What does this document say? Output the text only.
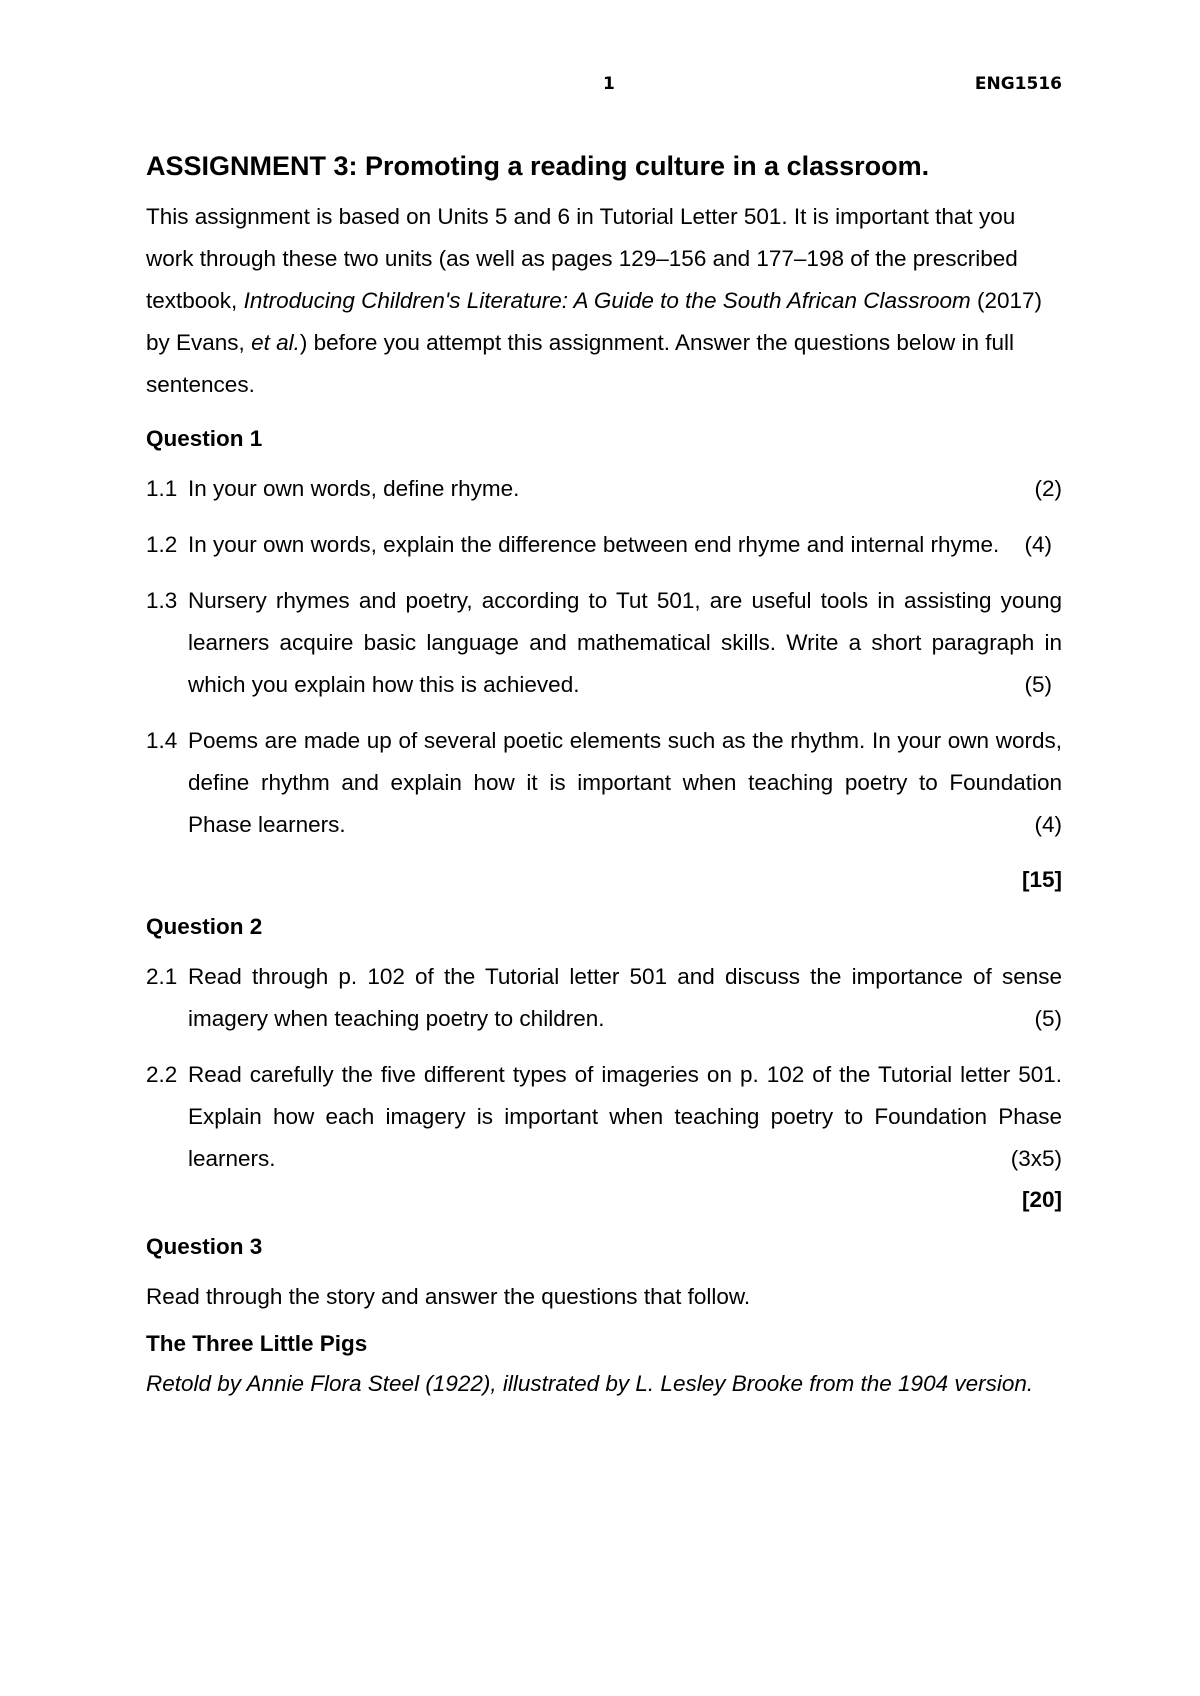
1	ENG1516
ASSIGNMENT 3: Promoting a reading culture in a classroom.

This assignment is based on Units 5 and 6 in Tutorial Letter 501. It is important that you work through these two units (as well as pages 129–156 and 177–198 of the prescribed textbook, Introducing Children's Literature: A Guide to the South African Classroom (2017) by Evans, et al.) before you attempt this assignment. Answer the questions below in full sentences.

Question 1
1.1	(2)
In your own words, define rhyme.
1.2 In your own words, explain the difference between end rhyme and internal rhyme. (4)
1.3 Nursery rhymes and poetry, according to Tut 501, are useful tools in assisting young learners acquire basic language and mathematical skills. Write a short paragraph in which you explain how this is achieved.	(5)
1.4 Poems are made up of several poetic elements such as the rhythm. In your own words, define rhythm and explain how it is important when teaching poetry to Foundation Phase learners.	(4)

[15]

Question 2
2.1 Read through p. 102 of the Tutorial letter 501 and discuss the importance of sense imagery when teaching poetry to children.	(5)
2.2 Read carefully the five different types of imageries on p. 102 of the Tutorial letter 501. Explain how each imagery is important when teaching poetry to Foundation Phase learners.	(3x5)

[20]

Question 3

Read through the story and answer the questions that follow.

The Three Little Pigs

Retold by Annie Flora Steel (1922), illustrated by L. Lesley Brooke from the 1904 version.
